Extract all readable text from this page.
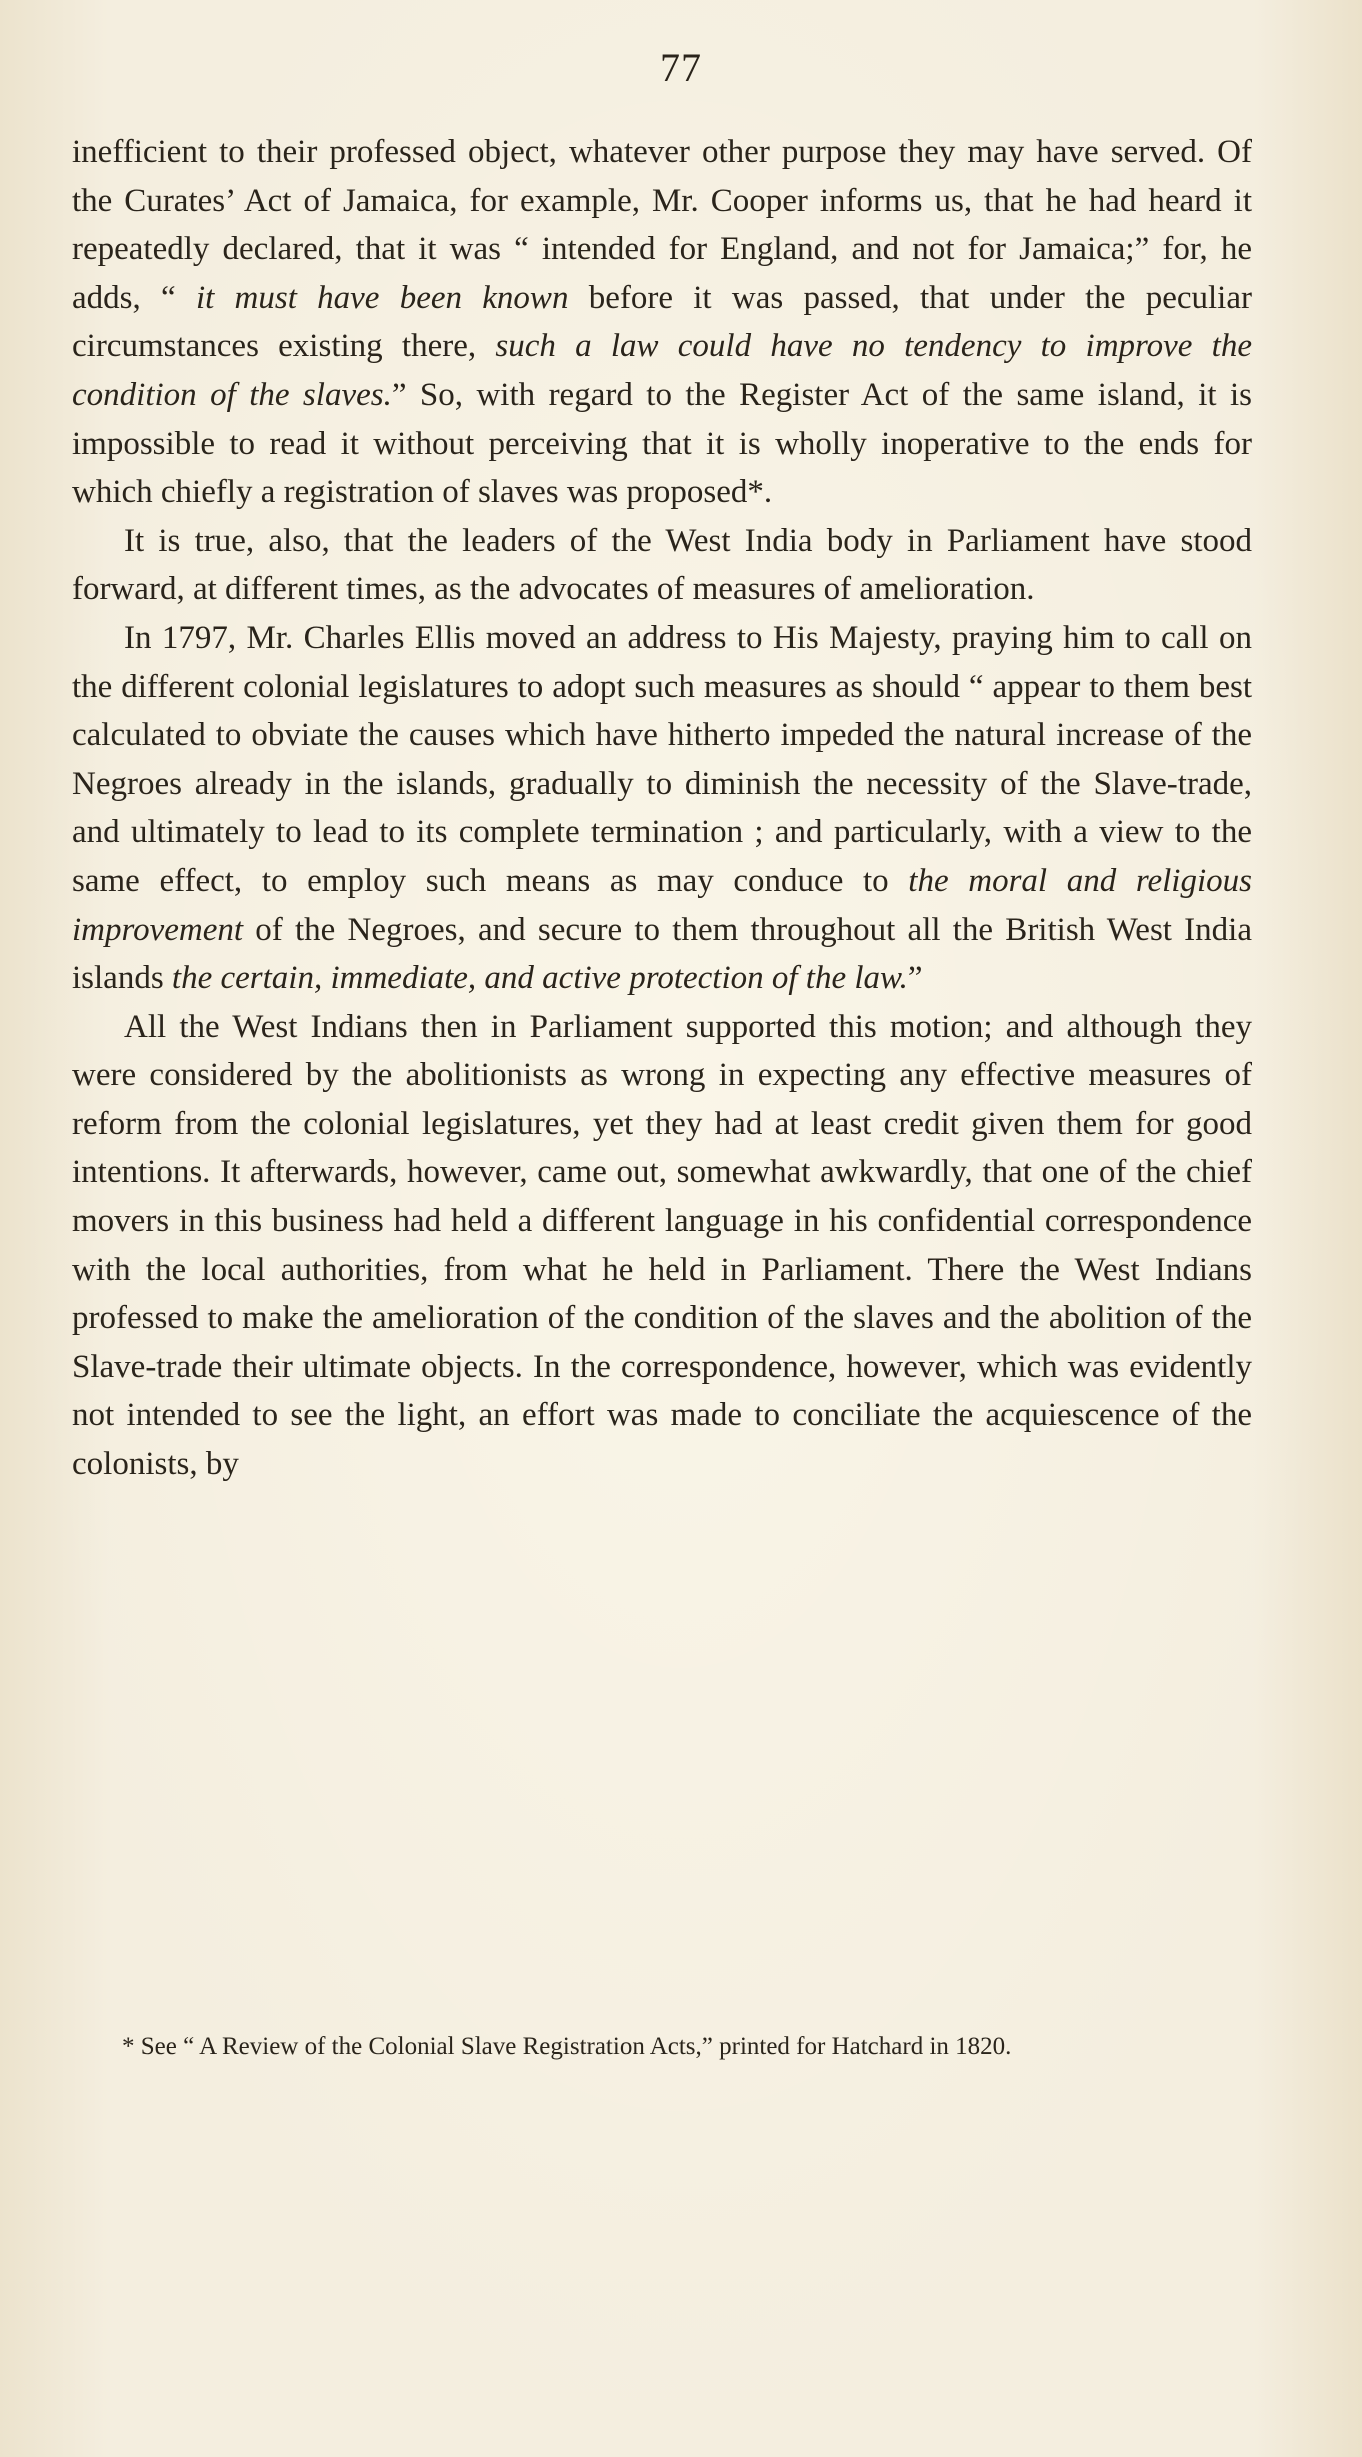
77

inefficient to their professed object, whatever other purpose they may have served. Of the Curates’ Act of Jamaica, for example, Mr. Cooper informs us, that he had heard it repeatedly declared, that it was “ intended for England, and not for Jamaica;” for, he adds, “ it must have been known before it was passed, that under the peculiar circumstances existing there, such a law could have no tendency to improve the condition of the slaves.” So, with regard to the Register Act of the same island, it is impossible to read it without perceiving that it is wholly inoperative to the ends for which chiefly a registration of slaves was proposed*.

It is true, also, that the leaders of the West India body in Parliament have stood forward, at different times, as the advocates of measures of amelioration.

In 1797, Mr. Charles Ellis moved an address to His Majesty, praying him to call on the different colonial legislatures to adopt such measures as should “ appear to them best calculated to obviate the causes which have hitherto impeded the natural increase of the Negroes already in the islands, gradually to diminish the necessity of the Slave-trade, and ultimately to lead to its complete termination ; and particularly, with a view to the same effect, to employ such means as may conduce to the moral and religious improvement of the Negroes, and secure to them throughout all the British West India islands the certain, immediate, and active protection of the law.”

All the West Indians then in Parliament supported this motion; and although they were considered by the abolitionists as wrong in expecting any effective measures of reform from the colonial legislatures, yet they had at least credit given them for good intentions. It afterwards, however, came out, somewhat awkwardly, that one of the chief movers in this business had held a different language in his confidential correspondence with the local authorities, from what he held in Parliament. There the West Indians professed to make the amelioration of the condition of the slaves and the abolition of the Slave-trade their ultimate objects. In the correspondence, however, which was evidently not intended to see the light, an effort was made to conciliate the acquiescence of the colonists, by

* See “ A Review of the Colonial Slave Registration Acts,” printed for Hatchard in 1820.
